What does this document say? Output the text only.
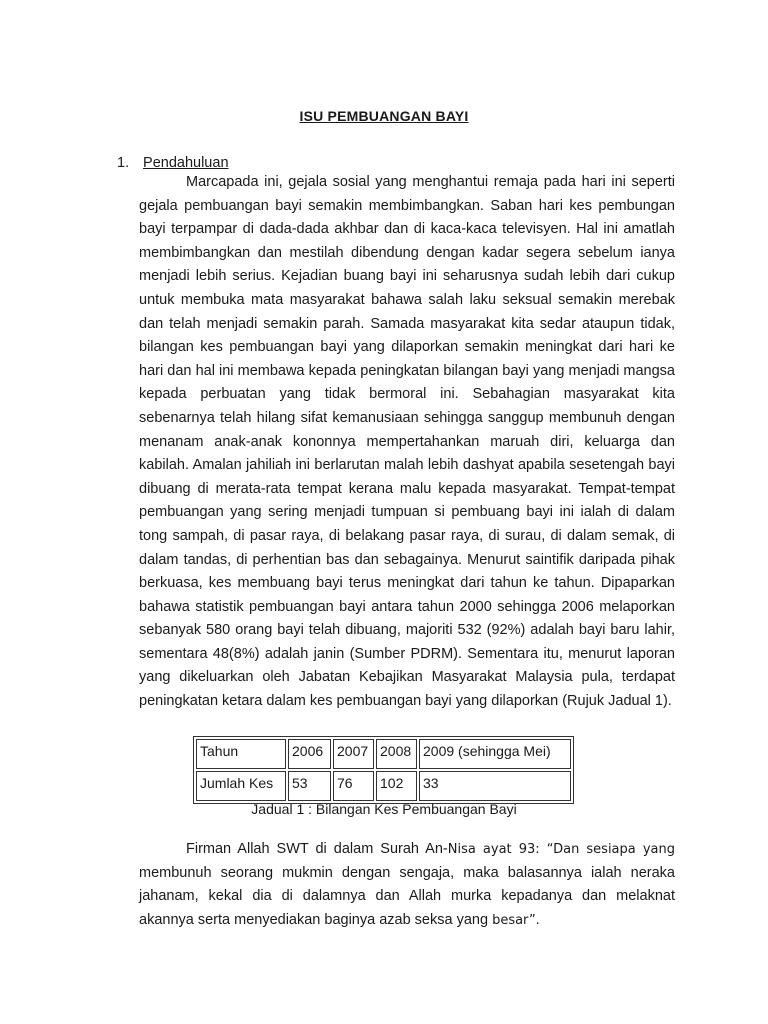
ISU PEMBUANGAN BAYI
1. Pendahuluan

Marcapada ini, gejala sosial yang menghantui remaja pada hari ini seperti gejala pembuangan bayi semakin membimbangkan. Saban hari kes pembungan bayi terpampar di dada-dada akhbar dan di kaca-kaca televisyen. Hal ini amatlah membimbangkan dan mestilah dibendung dengan kadar segera sebelum ianya menjadi lebih serius. Kejadian buang bayi ini seharusnya sudah lebih dari cukup untuk membuka mata masyarakat bahawa salah laku seksual semakin merebak dan telah menjadi semakin parah. Samada masyarakat kita sedar ataupun tidak, bilangan kes pembuangan bayi yang dilaporkan semakin meningkat dari hari ke hari dan hal ini membawa kepada peningkatan bilangan bayi yang menjadi mangsa kepada perbuatan yang tidak bermoral ini. Sebahagian masyarakat kita sebenarnya telah hilang sifat kemanusiaan sehingga sanggup membunuh dengan menanam anak-anak kononnya mempertahankan maruah diri, keluarga dan kabilah. Amalan jahiliah ini berlarutan malah lebih dashyat apabila sesetengah bayi dibuang di merata-rata tempat kerana malu kepada masyarakat. Tempat-tempat pembuangan yang sering menjadi tumpuan si pembuang bayi ini ialah di dalam tong sampah, di pasar raya, di belakang pasar raya, di surau, di dalam semak, di dalam tandas, di perhentian bas dan sebagainya. Menurut saintifik daripada pihak berkuasa, kes membuang bayi terus meningkat dari tahun ke tahun. Dipaparkan bahawa statistik pembuangan bayi antara tahun 2000 sehingga 2006 melaporkan sebanyak 580 orang bayi telah dibuang, majoriti 532 (92%) adalah bayi baru lahir, sementara 48(8%) adalah janin (Sumber PDRM). Sementara itu, menurut laporan yang dikeluarkan oleh Jabatan Kebajikan Masyarakat Malaysia pula, terdapat peningkatan ketara dalam kes pembuangan bayi yang dilaporkan (Rujuk Jadual 1).

Tahun	2006	2007	2008	2009 (sehingga Mei)
Jumlah Kes	53	76	102	33
Jadual 1 : Bilangan Kes Pembuangan Bayi

Firman Allah SWT di dalam Surah An-Nisa ayat 93: “Dan sesiapa yang membunuh seorang mukmin dengan sengaja, maka balasannya ialah neraka jahanam, kekal dia di dalamnya dan Allah murka kepadanya dan melaknat akannya serta menyediakan baginya azab seksa yang besar”.
